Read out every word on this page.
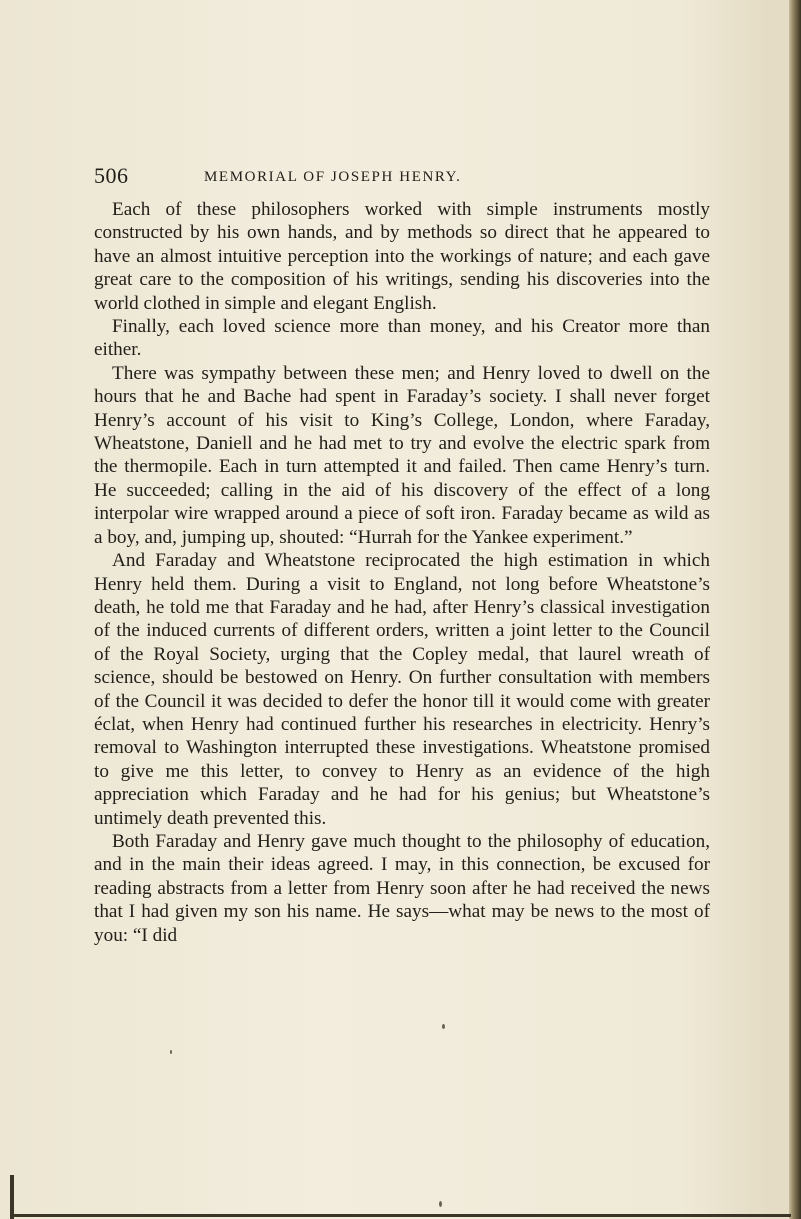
506	MEMORIAL OF JOSEPH HENRY.

Each of these philosophers worked with simple instruments mostly constructed by his own hands, and by methods so direct that he appeared to have an almost intuitive perception into the workings of nature; and each gave great care to the composition of his writings, sending his discoveries into the world clothed in simple and elegant English.

Finally, each loved science more than money, and his Creator more than either.

There was sympathy between these men; and Henry loved to dwell on the hours that he and Bache had spent in Faraday’s society. I shall never forget Henry’s account of his visit to King’s College, London, where Faraday, Wheatstone, Daniell and he had met to try and evolve the electric spark from the thermopile. Each in turn attempted it and failed. Then came Henry’s turn. He succeeded; calling in the aid of his discovery of the effect of a long interpolar wire wrapped around a piece of soft iron. Faraday became as wild as a boy, and, jumping up, shouted: “Hurrah for the Yankee experiment.”

And Faraday and Wheatstone reciprocated the high estimation in which Henry held them. During a visit to England, not long before Wheatstone’s death, he told me that Faraday and he had, after Henry’s classical investigation of the induced currents of different orders, written a joint letter to the Council of the Royal Society, urging that the Copley medal, that laurel wreath of science, should be bestowed on Henry. On further consultation with members of the Council it was decided to defer the honor till it would come with greater éclat, when Henry had continued further his researches in electricity. Henry’s removal to Washington interrupted these investigations. Wheatstone promised to give me this letter, to convey to Henry as an evidence of the high appreciation which Faraday and he had for his genius; but Wheatstone’s untimely death prevented this.

Both Faraday and Henry gave much thought to the philosophy of education, and in the main their ideas agreed. I may, in this connection, be excused for reading abstracts from a letter from Henry soon after he had received the news that I had given my son his name. He says—what may be news to the most of you: “I did
